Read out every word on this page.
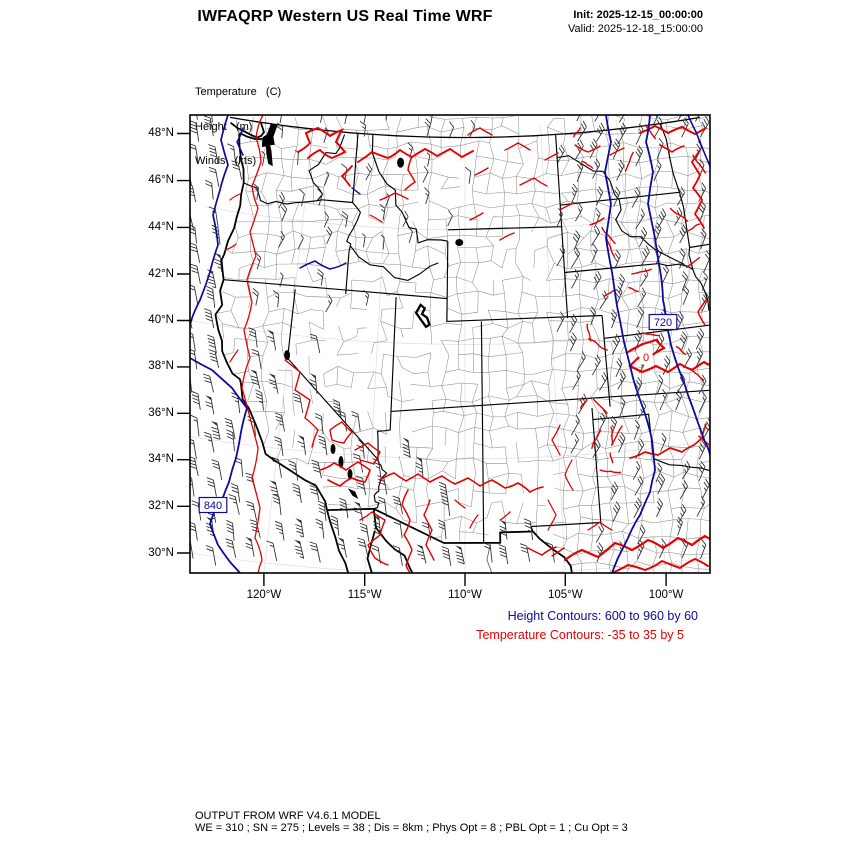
IWFAQRP Western US Real Time WRF	Init: 2025-12-15_00:00:00
Valid: 2025-12-18_15:00:00

Temperature   (C)

Height   (m)

Winds   (kts)

840
720
0
48°N
46°N
44°N
42°N
40°N
38°N
36°N
34°N
32°N
30°N
120°W	115°W	110°W	105°W	100°W
Height Contours: 600 to 960 by 60
Temperature Contours: -35 to 35 by 5
OUTPUT FROM WRF V4.6.1 MODEL
WE = 310 ; SN = 275 ; Levels = 38 ; Dis = 8km ; Phys Opt = 8 ; PBL Opt = 1 ; Cu Opt = 3
